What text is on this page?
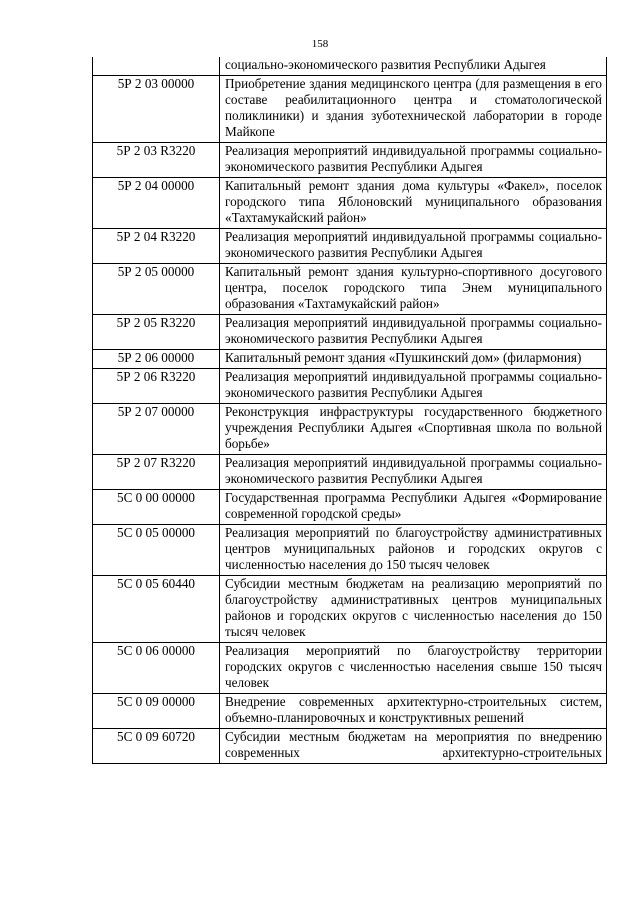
158
	социально-экономического развития Республики Адыгея
5Р 2 03 00000	Приобретение здания медицинского центра (для размещения в его составе реабилитационного центра и стоматологической поликлиники) и здания зуботехнической лаборатории в городе Майкопе
5Р 2 03 R3220	Реализация мероприятий индивидуальной программы социально-экономического развития Республики Адыгея
5Р 2 04 00000	Капитальный ремонт здания дома культуры «Факел», поселок городского типа Яблоновский муниципального образования «Тахтамукайский район»
5Р 2 04 R3220	Реализация мероприятий индивидуальной программы социально-экономического развития Республики Адыгея
5Р 2 05 00000	Капитальный ремонт здания культурно-спортивного досугового центра, поселок городского типа Энем муниципального образования «Тахтамукайский район»
5Р 2 05 R3220	Реализация мероприятий индивидуальной программы социально-экономического развития Республики Адыгея
5Р 2 06 00000	Капитальный ремонт здания «Пушкинский дом» (филармония)
5Р 2 06 R3220	Реализация мероприятий индивидуальной программы социально-экономического развития Республики Адыгея
5Р 2 07 00000	Реконструкция инфраструктуры государственного бюджетного учреждения Республики Адыгея «Спортивная школа по вольной борьбе»
5Р 2 07 R3220	Реализация мероприятий индивидуальной программы социально-экономического развития Республики Адыгея
5С 0 00 00000	Государственная программа Республики Адыгея «Формирование современной городской среды»
5С 0 05 00000	Реализация мероприятий по благоустройству административных центров муниципальных районов и городских округов с численностью населения до 150 тысяч человек
5С 0 05 60440	Субсидии местным бюджетам на реализацию мероприятий по благоустройству административных центров муниципальных районов и городских округов с численностью населения до 150 тысяч человек
5С 0 06 00000	Реализация мероприятий по благоустройству территории городских округов с численностью населения свыше 150 тысяч человек
5С 0 09 00000	Внедрение современных архитектурно-строительных систем, объемно-планировочных и конструктивных решений
5С 0 09 60720	Субсидии местным бюджетам на мероприятия по внедрению современных архитектурно-строительных
